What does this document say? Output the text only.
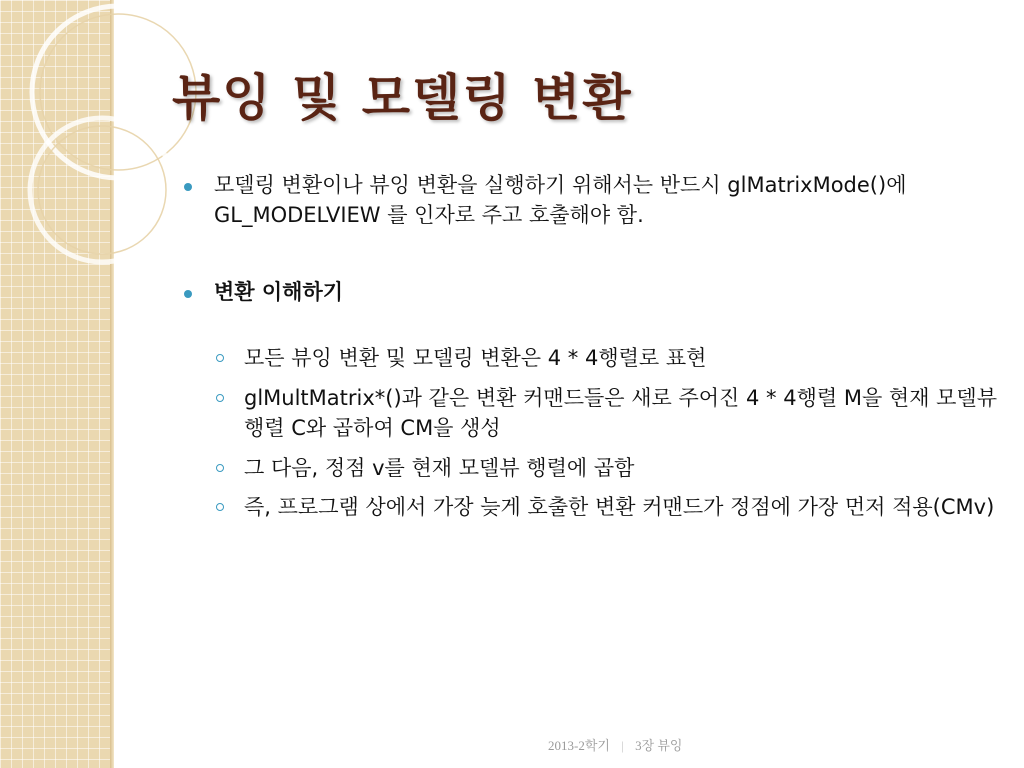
뷰잉 및 모델링 변환
모델링 변환이나 뷰잉 변환을 실행하기 위해서는 반드시 glMatrixMode()에 GL_MODELVIEW 를 인자로 주고 호출해야 함.
변환 이해하기
모든 뷰잉 변환 및 모델링 변환은 4 * 4행렬로 표현
glMultMatrix*()과 같은 변환 커맨드들은 새로 주어진 4 * 4행렬 M을 현재 모델뷰 행렬 C와 곱하여 CM을 생성
그 다음, 정점 v를 현재 모델뷰 행렬에 곱함
즉, 프로그램 상에서 가장 늦게 호출한 변환 커맨드가 정점에 가장 먼저 적용(CMv)
2013-2학기 | 3장 뷰잉
